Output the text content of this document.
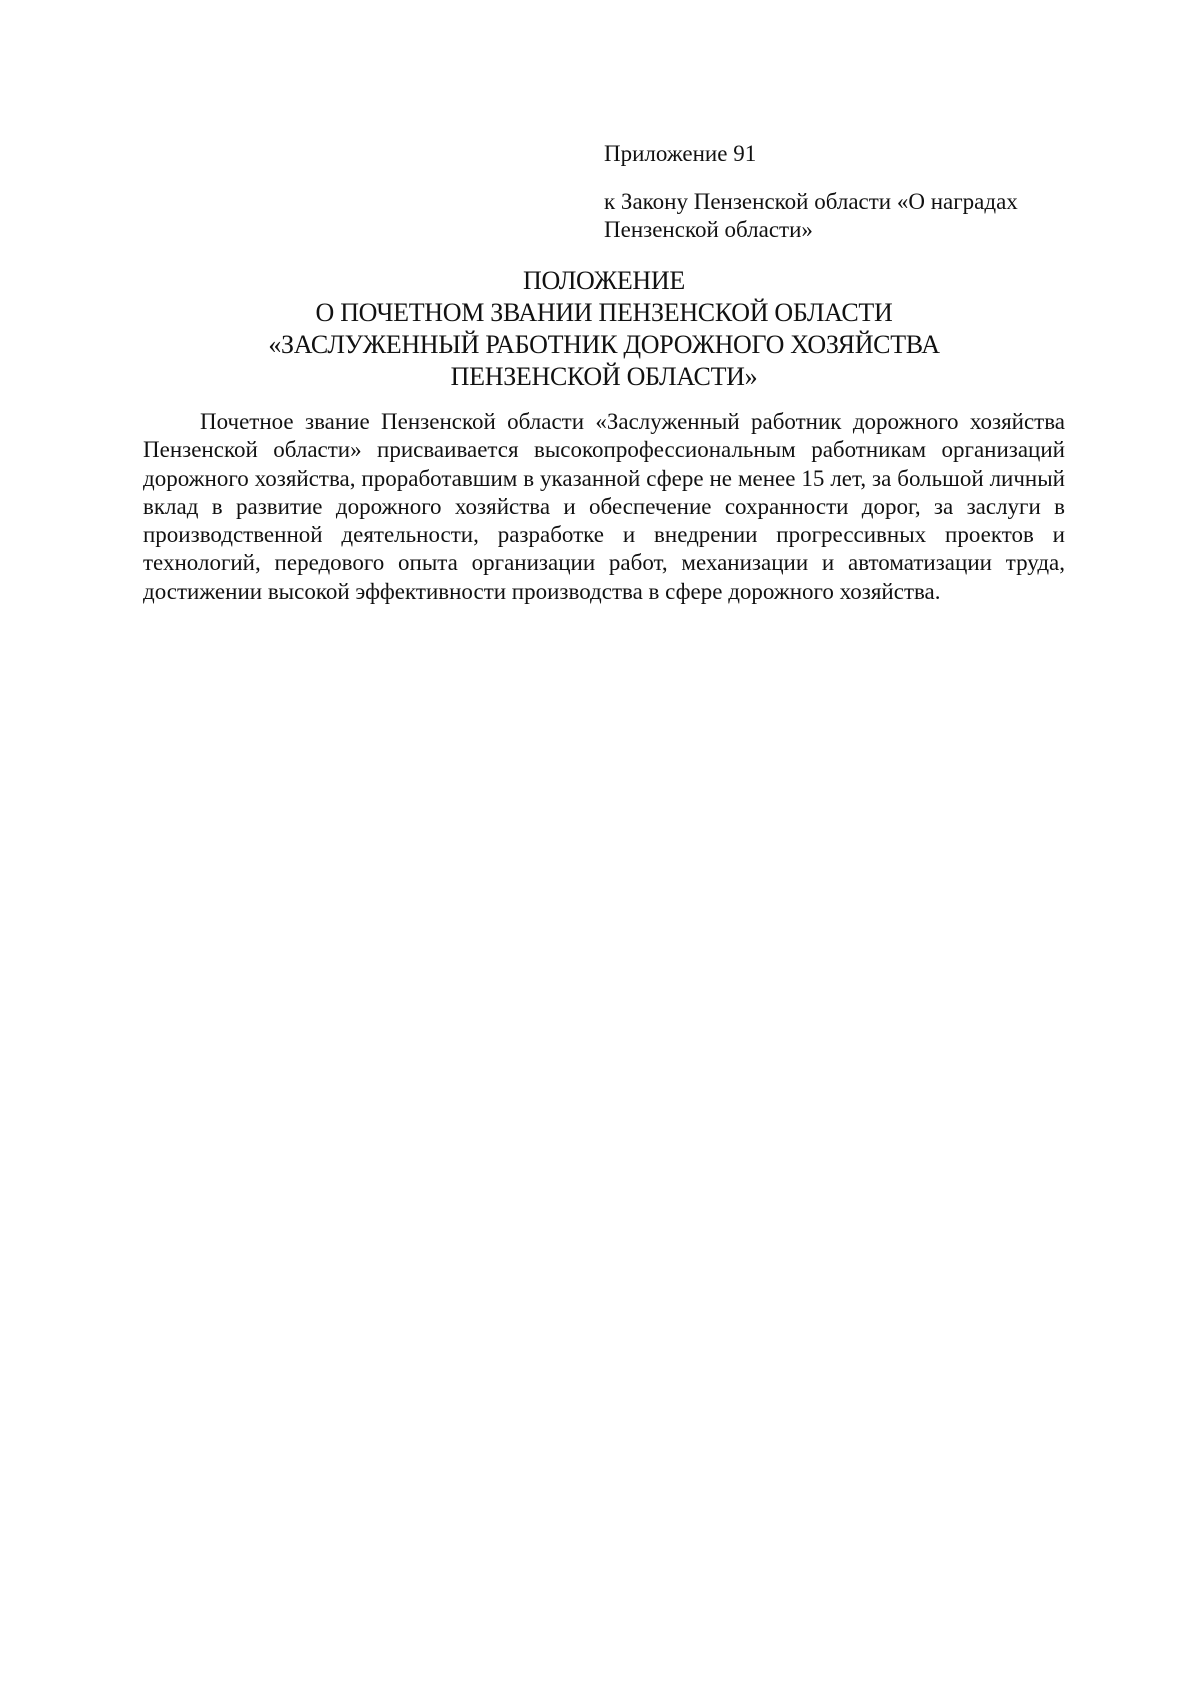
Приложение 91

к Закону Пензенской области «О наградах Пензенской области»

ПОЛОЖЕНИЕ
О ПОЧЕТНОМ ЗВАНИИ ПЕНЗЕНСКОЙ ОБЛАСТИ
«ЗАСЛУЖЕННЫЙ РАБОТНИК ДОРОЖНОГО ХОЗЯЙСТВА
ПЕНЗЕНСКОЙ ОБЛАСТИ»

Почетное звание Пензенской области «Заслуженный работник дорожного хозяйства Пензенской области» присваивается высокопрофессиональным работникам организаций дорожного хозяйства, проработавшим в указанной сфере не менее 15 лет, за большой личный вклад в развитие дорожного хозяйства и обеспечение сохранности дорог, за заслуги в производственной деятельности, разработке и внедрении прогрессивных проектов и технологий, передового опыта организации работ, механизации и автоматизации труда, достижении высокой эффективности производства в сфере дорожного хозяйства.
